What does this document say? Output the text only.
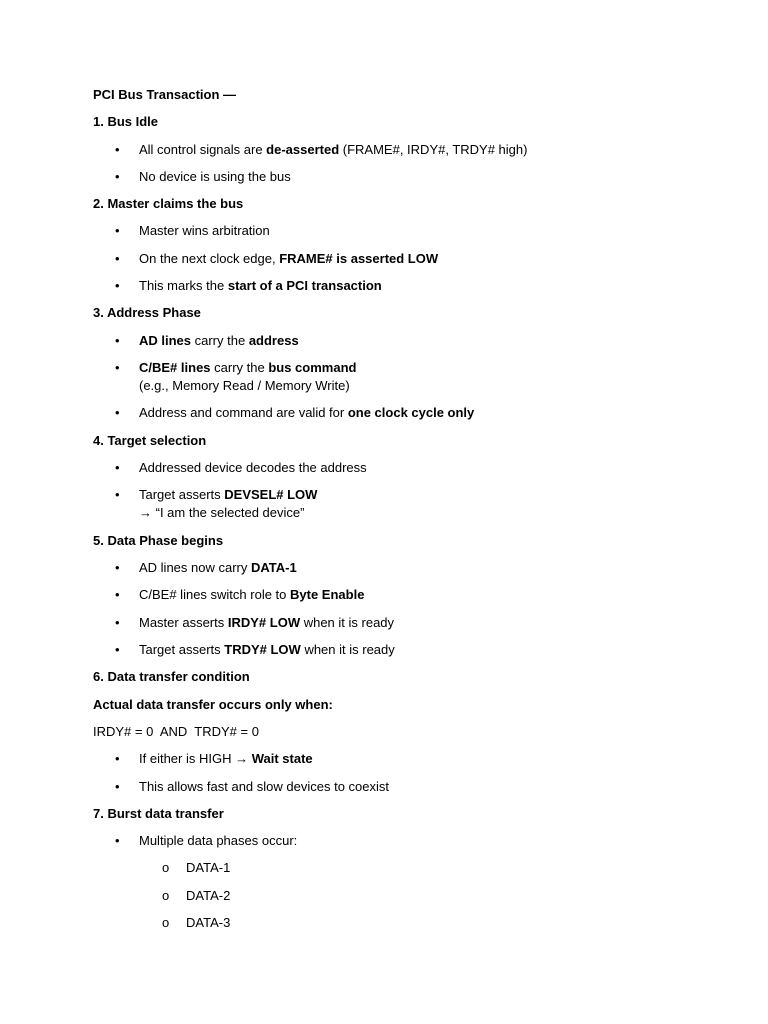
PCI Bus Transaction —
1. Bus Idle
• All control signals are de-asserted (FRAME#, IRDY#, TRDY# high)
• No device is using the bus
2. Master claims the bus
• Master wins arbitration
• On the next clock edge, FRAME# is asserted LOW
• This marks the start of a PCI transaction
3. Address Phase
• AD lines carry the address
• C/BE# lines carry the bus command
(e.g., Memory Read / Memory Write)
• Address and command are valid for one clock cycle only
4. Target selection
• Addressed device decodes the address
• Target asserts DEVSEL# LOW
→ “I am the selected device”
5. Data Phase begins
• AD lines now carry DATA-1
• C/BE# lines switch role to Byte Enable
• Master asserts IRDY# LOW when it is ready
• Target asserts TRDY# LOW when it is ready
6. Data transfer condition
Actual data transfer occurs only when:
IRDY# = 0  AND  TRDY# = 0
• If either is HIGH → Wait state
• This allows fast and slow devices to coexist
7. Burst data transfer
• Multiple data phases occur:
o DATA-1
o DATA-2
o DATA-3
